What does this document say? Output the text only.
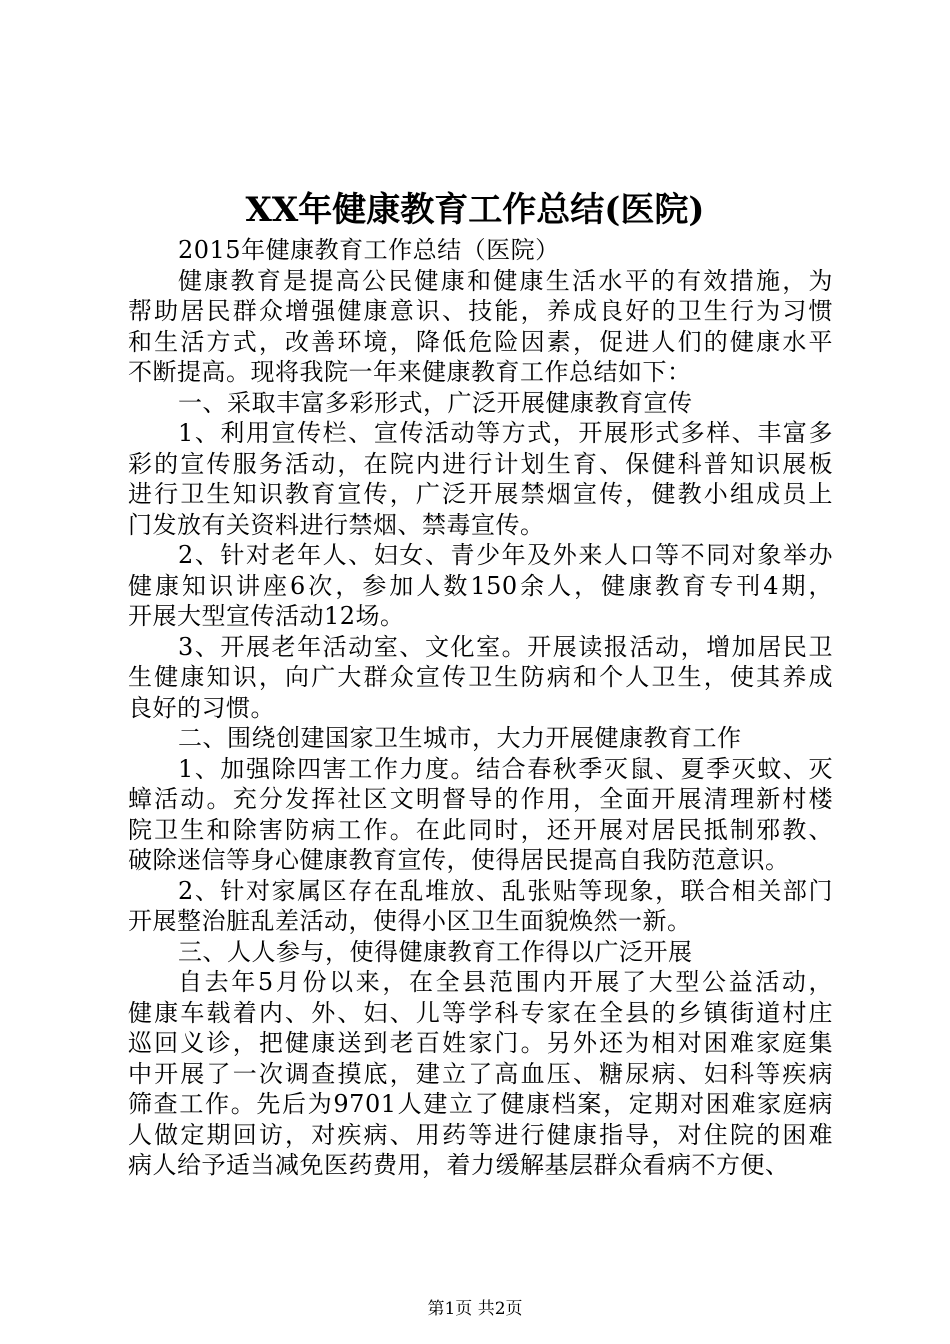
XX年健康教育工作总结(医院)
2015年健康教育工作总结（医院）
健康教育是提高公民健康和健康生活水平的有效措施，为
帮助居民群众增强健康意识、技能，养成良好的卫生行为习惯
和生活方式，改善环境，降低危险因素，促进人们的健康水平
不断提高。现将我院一年来健康教育工作总结如下：
一、采取丰富多彩形式，广泛开展健康教育宣传
1、利用宣传栏、宣传活动等方式，开展形式多样、丰富多
彩的宣传服务活动，在院内进行计划生育、保健科普知识展板
进行卫生知识教育宣传，广泛开展禁烟宣传，健教小组成员上
门发放有关资料进行禁烟、禁毒宣传。
2、针对老年人、妇女、青少年及外来人口等不同对象举办
健康知识讲座6次，参加人数150余人，健康教育专刊4期，
开展大型宣传活动12场。
3、开展老年活动室、文化室。开展读报活动，增加居民卫
生健康知识，向广大群众宣传卫生防病和个人卫生，使其养成
良好的习惯。
二、围绕创建国家卫生城市，大力开展健康教育工作
1、加强除四害工作力度。结合春秋季灭鼠、夏季灭蚊、灭
蟑活动。充分发挥社区文明督导的作用，全面开展清理新村楼
院卫生和除害防病工作。在此同时，还开展对居民抵制邪教、
破除迷信等身心健康教育宣传，使得居民提高自我防范意识。
2、针对家属区存在乱堆放、乱张贴等现象，联合相关部门
开展整治脏乱差活动，使得小区卫生面貌焕然一新。
三、人人参与，使得健康教育工作得以广泛开展
自去年5月份以来，在全县范围内开展了大型公益活动，
健康车载着内、外、妇、儿等学科专家在全县的乡镇街道村庄
巡回义诊，把健康送到老百姓家门。另外还为相对困难家庭集
中开展了一次调查摸底，建立了高血压、糖尿病、妇科等疾病
筛查工作。先后为9701人建立了健康档案，定期对困难家庭病
人做定期回访，对疾病、用药等进行健康指导，对住院的困难
病人给予适当减免医药费用，着力缓解基层群众看病不方便、
第1页 共2页
